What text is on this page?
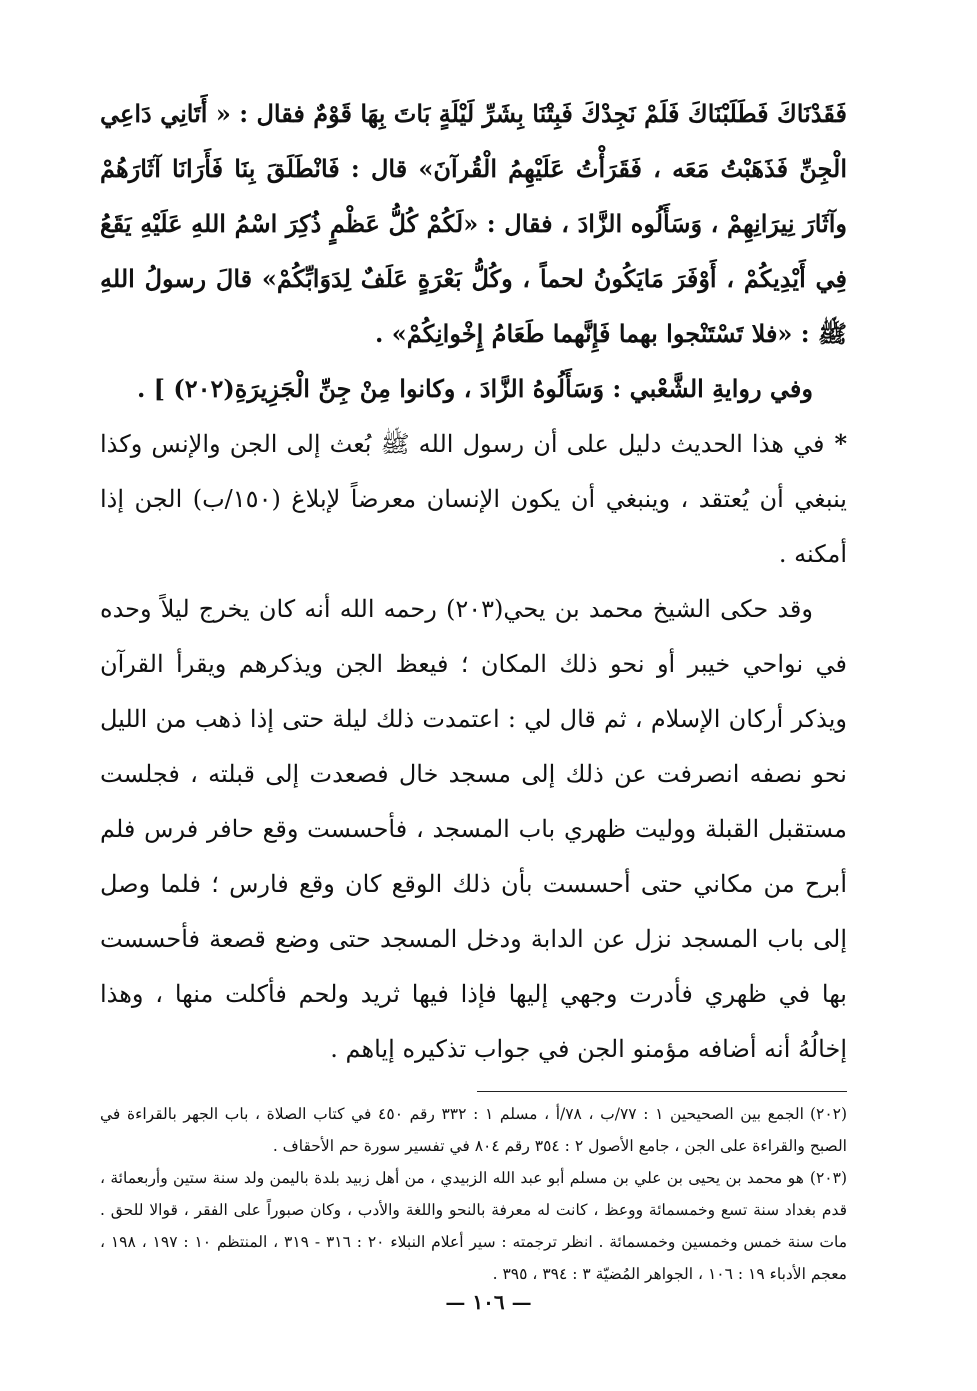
فَقَدْنَاكَ فَطَلَبْنَاكَ فَلَمْ نَجِدْكَ فَبِتْنَا بِشَرِّ لَيْلَةٍ بَاتَ بِهَا قَوْمٌ فقال : « أَتَانِي دَاعِي الْجِنِّ فَذَهَبْتُ مَعَه ، فَقَرَأْتُ عَلَيْهِمُ الْقُرآنَ» قال : فَانْطَلَقَ بِنَا فَأَرَانَا آثَارَهُمْ وآثَارَ نِيرَانِهِمْ ، وَسَأَلُوه الزَّادَ ، فقال : «لَكُمْ كُلُّ عَظْمٍ ذُكِرَ اسْمُ اللهِ عَلَيْهِ يَقَعُ فِي أَيْدِيكُمْ ، أَوْفَرَ مَايَكُونُ لحماً ، وكُلُّ بَعْرَةٍ عَلَفٌ لِدَوَابِّكُمْ» قالَ رسولُ اللهِ ﷺ : «فلا تَسْتَنْجوا بهما فَإِنَّهما طَعَامُ إِخْوانِكُمْ» .

وفي روايةِ الشَّعْبي : وَسَأَلُوهُ الزَّادَ ، وكانوا مِنْ جِنِّ الْجَزِيرَةِ(٢٠٢) ] .

*في هذا الحديث دليل على أن رسول الله ﷺ بُعث إلى الجن والإنس وكذا ينبغي أن يُعتقد ، وينبغي أن يكون الإنسان معرضاً لإبلاغ (١٥٠/ب) الجن إذا أمكنه .

وقد حكى الشيخ محمد بن يحي(٢٠٣) رحمه الله أنه كان يخرج ليلاً وحده في نواحي خيبر أو نحو ذلك المكان ؛ فيعظ الجن ويذكرهم ويقرأ القرآن ويذكر أركان الإسلام ، ثم قال لي : اعتمدت ذلك ليلة حتى إذا ذهب من الليل نحو نصفه انصرفت عن ذلك إلى مسجد خال فصعدت إلى قبلته ، فجلست مستقبل القبلة ووليت ظهري باب المسجد ، فأحسست وقع حافر فرس فلم أبرح من مكاني حتى أحسست بأن ذلك الوقع كان وقع فارس ؛ فلما وصل إلى باب المسجد نزل عن الدابة ودخل المسجد حتى وضع قصعة فأحسست بها في ظهري فأدرت وجهي إليها فإذا فيها ثريد ولحم فأكلت منها ، وهذا إخالُهُ أنه أضافه مؤمنو الجن في جواب تذكيره إياهم .

(٢٠٢)الجمع بين الصحيحين ١ : ٧٧/ب ، ٧٨/أ ، مسلم ١ : ٣٣٢ رقم ٤٥٠ في كتاب الصلاة ، باب الجهر بالقراءة في الصبح والقراءة على الجن ، جامع الأصول ٢ : ٣٥٤ رقم ٨٠٤ في تفسير سورة حم الأحقاف .

(٢٠٣)هو محمد بن يحيى بن علي بن مسلم أبو عبد الله الزبيدي ، من أهل زبيد بلدة باليمن ولد سنة ستين وأربعمائة ، قدم بغداد سنة تسع وخمسمائة ووعظ ، كانت له معرفة بالنحو واللغة والأدب ، وكان صبوراً على الفقر ، قوالا للحق . مات سنة خمس وخمسين وخمسمائة . انظر ترجمته : سير أعلام النبلاء ٢٠ : ٣١٦ - ٣١٩ ، المنتظم ١٠ : ١٩٧ ، ١٩٨ ، معجم الأدباء ١٩ : ١٠٦ ، الجواهر المُضيّة ٣ : ٣٩٤ ، ٣٩٥ .

— ١٠٦ —
